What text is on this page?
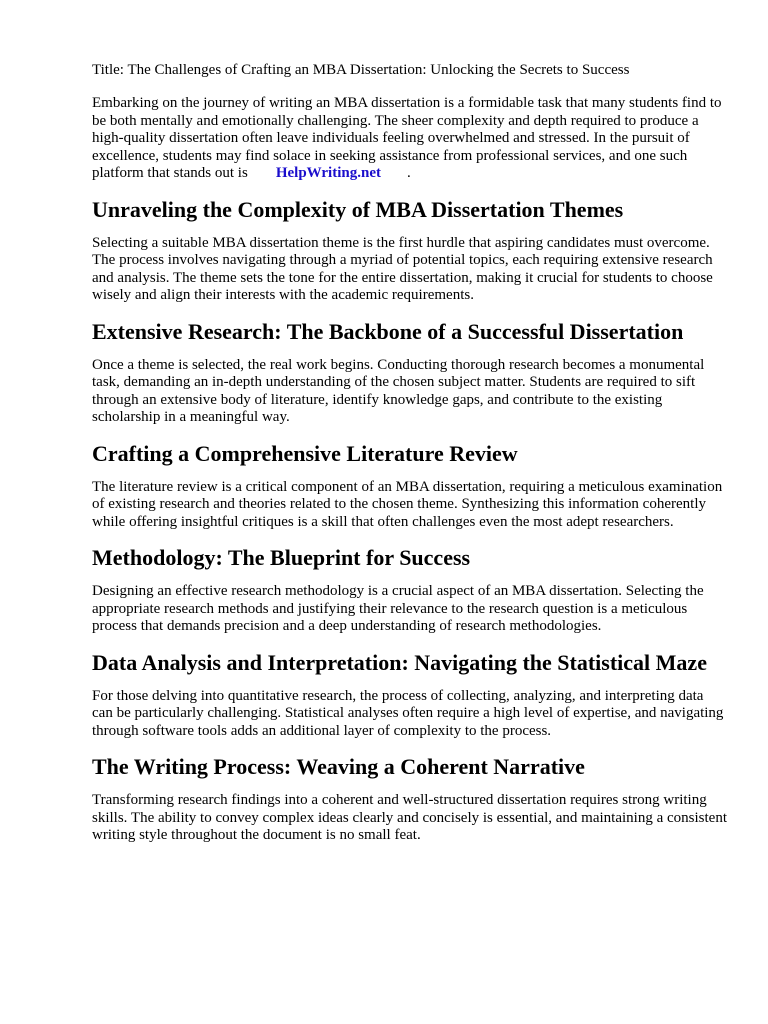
Title: The Challenges of Crafting an MBA Dissertation: Unlocking the Secrets to Success

Embarking on the journey of writing an MBA dissertation is a formidable task that many students find to be both mentally and emotionally challenging. The sheer complexity and depth required to produce a high-quality dissertation often leave individuals feeling overwhelmed and stressed. In the pursuit of excellence, students may find solace in seeking assistance from professional services, and one such platform that stands out is HelpWriting.net .

Unraveling the Complexity of MBA Dissertation Themes

Selecting a suitable MBA dissertation theme is the first hurdle that aspiring candidates must overcome. The process involves navigating through a myriad of potential topics, each requiring extensive research and analysis. The theme sets the tone for the entire dissertation, making it crucial for students to choose wisely and align their interests with the academic requirements.

Extensive Research: The Backbone of a Successful Dissertation

Once a theme is selected, the real work begins. Conducting thorough research becomes a monumental task, demanding an in-depth understanding of the chosen subject matter. Students are required to sift through an extensive body of literature, identify knowledge gaps, and contribute to the existing scholarship in a meaningful way.

Crafting a Comprehensive Literature Review

The literature review is a critical component of an MBA dissertation, requiring a meticulous examination of existing research and theories related to the chosen theme. Synthesizing this information coherently while offering insightful critiques is a skill that often challenges even the most adept researchers.

Methodology: The Blueprint for Success

Designing an effective research methodology is a crucial aspect of an MBA dissertation. Selecting the appropriate research methods and justifying their relevance to the research question is a meticulous process that demands precision and a deep understanding of research methodologies.

Data Analysis and Interpretation: Navigating the Statistical Maze

For those delving into quantitative research, the process of collecting, analyzing, and interpreting data can be particularly challenging. Statistical analyses often require a high level of expertise, and navigating through software tools adds an additional layer of complexity to the process.

The Writing Process: Weaving a Coherent Narrative

Transforming research findings into a coherent and well-structured dissertation requires strong writing skills. The ability to convey complex ideas clearly and concisely is essential, and maintaining a consistent writing style throughout the document is no small feat.
